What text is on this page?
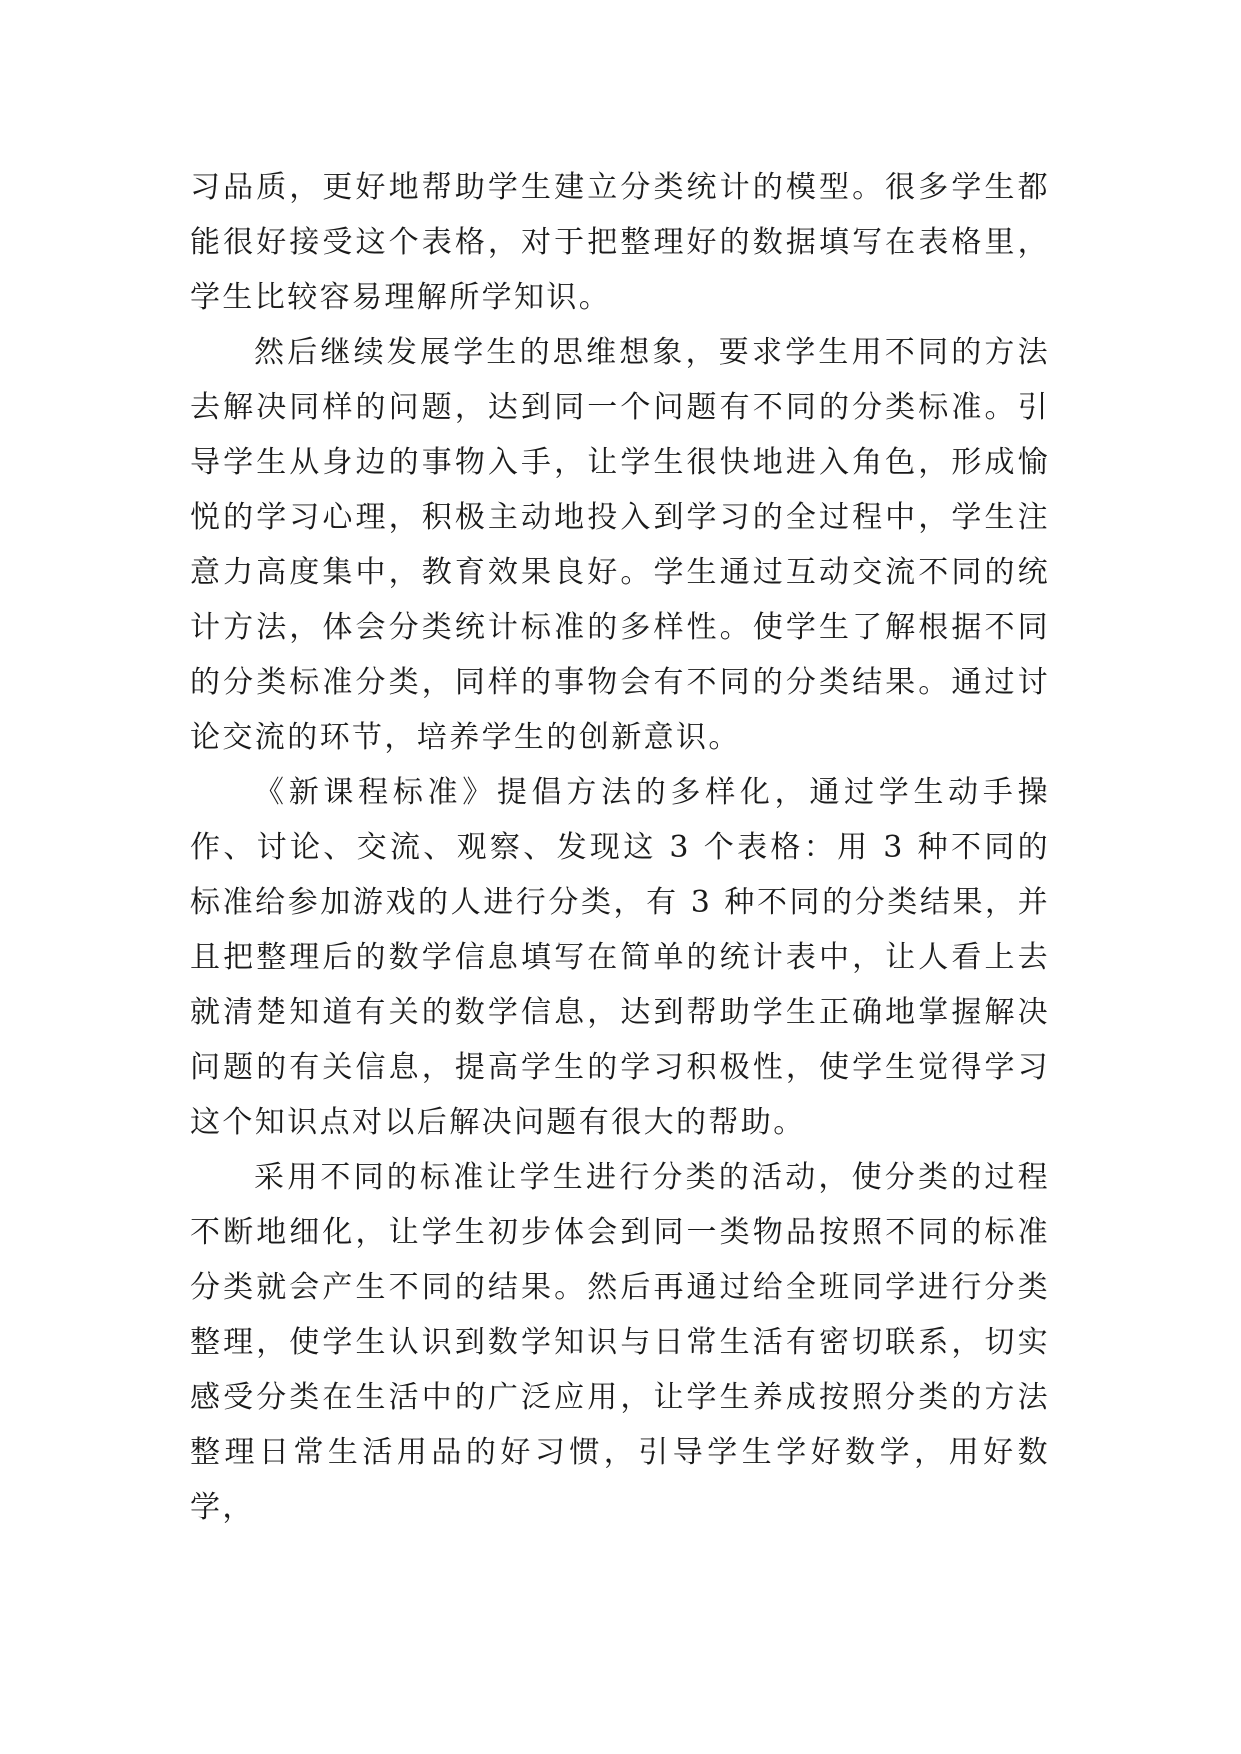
习品质，更好地帮助学生建立分类统计的模型。很多学生都能很好接受这个表格，对于把整理好的数据填写在表格里，学生比较容易理解所学知识。

然后继续发展学生的思维想象，要求学生用不同的方法去解决同样的问题，达到同一个问题有不同的分类标准。引导学生从身边的事物入手，让学生很快地进入角色，形成愉悦的学习心理，积极主动地投入到学习的全过程中，学生注意力高度集中，教育效果良好。学生通过互动交流不同的统计方法，体会分类统计标准的多样性。使学生了解根据不同的分类标准分类，同样的事物会有不同的分类结果。通过讨论交流的环节，培养学生的创新意识。

《新课程标准》提倡方法的多样化，通过学生动手操作、讨论、交流、观察、发现这 3 个表格：用 3 种不同的标准给参加游戏的人进行分类，有 3 种不同的分类结果，并且把整理后的数学信息填写在简单的统计表中，让人看上去就清楚知道有关的数学信息，达到帮助学生正确地掌握解决问题的有关信息，提高学生的学习积极性，使学生觉得学习这个知识点对以后解决问题有很大的帮助。

采用不同的标准让学生进行分类的活动，使分类的过程不断地细化，让学生初步体会到同一类物品按照不同的标准分类就会产生不同的结果。然后再通过给全班同学进行分类整理，使学生认识到数学知识与日常生活有密切联系，切实感受分类在生活中的广泛应用，让学生养成按照分类的方法整理日常生活用品的好习惯，引导学生学好数学，用好数学，
